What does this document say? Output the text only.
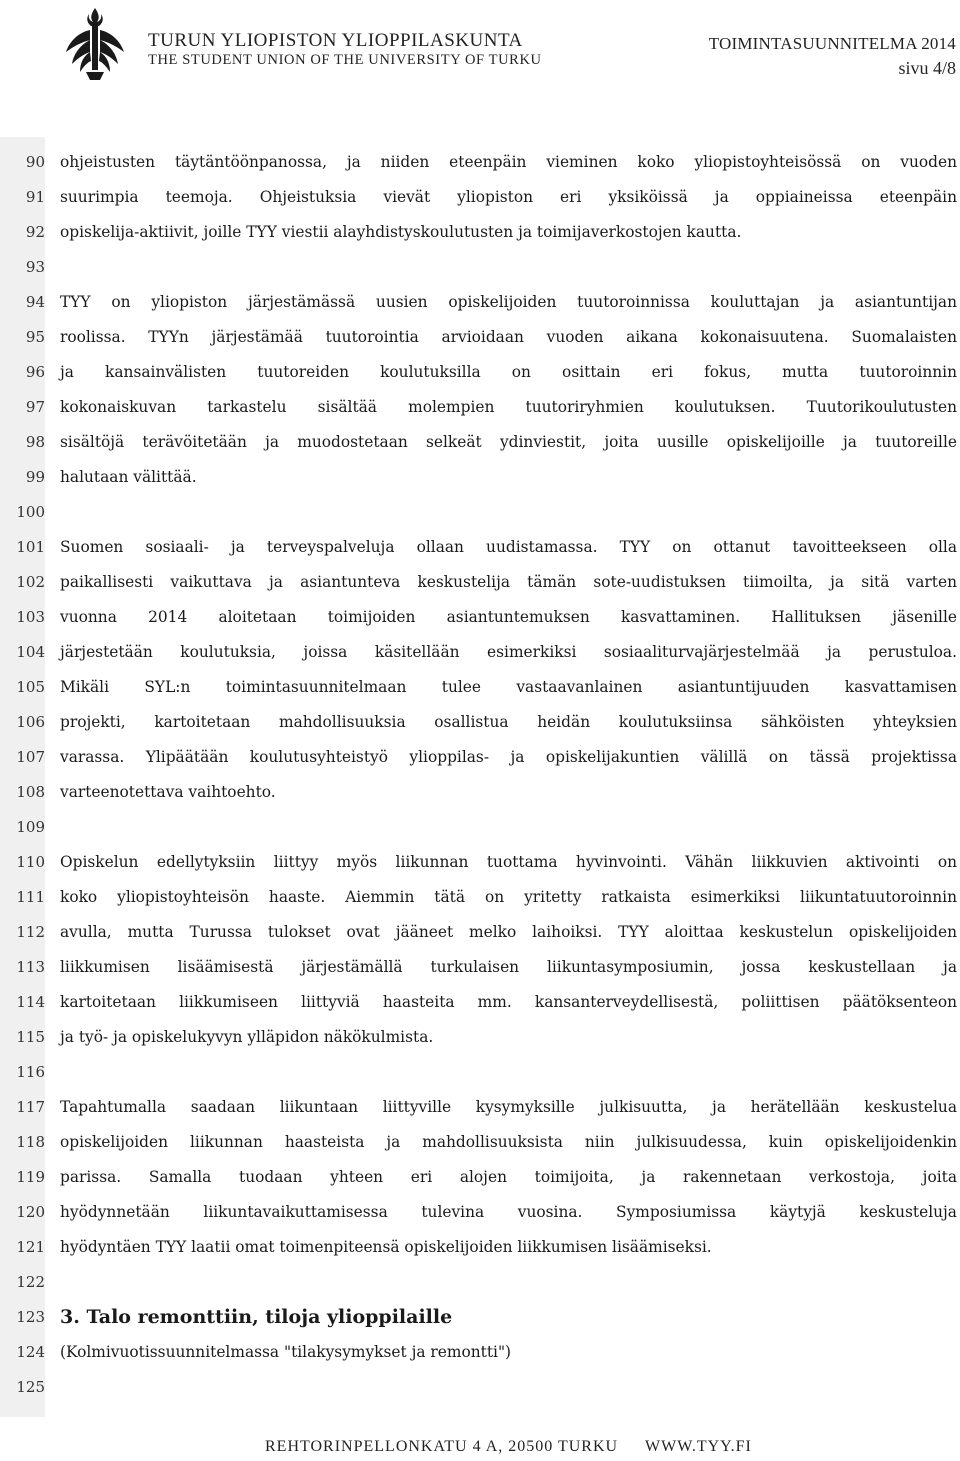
TURUN YLIOPISTON YLIOPPILASKUNTA
THE STUDENT UNION OF THE UNIVERSITY OF TURKU
TOIMINTASUUNNITELMA 2014
sivu 4/8
90
91
92
93
94
95
96
97
98
99
100
101
102
103
104
105
106
107
108
109
110
111
112
113
114
115
116
117
118
119
120
121
122
123
124
125
3. Talo remonttiin, tiloja ylioppilaille
ohjeistusten täytäntöönpanossa, ja niiden eteenpäin vieminen koko yliopistoyhteisössä on vuoden
suurimpia teemoja. Ohjeistuksia vievät yliopiston eri yksiköissä ja oppiaineissa eteenpäin
opiskelija-aktiivit, joille TYY viestii alayhdistyskoulutusten ja toimijaverkostojen kautta.
TYY on yliopiston järjestämässä uusien opiskelijoiden tuutoroinnissa kouluttajan ja asiantuntijan
roolissa. TYYn järjestämää tuutorointia arvioidaan vuoden aikana kokonaisuutena. Suomalaisten
ja kansainvälisten tuutoreiden koulutuksilla on osittain eri fokus, mutta tuutoroinnin
kokonaiskuvan tarkastelu sisältää molempien tuutoriryhmien koulutuksen. Tuutorikoulutusten
sisältöjä terävöitetään ja muodostetaan selkeät ydinviestit, joita uusille opiskelijoille ja tuutoreille
halutaan välittää.
Suomen sosiaali- ja terveyspalveluja ollaan uudistamassa. TYY on ottanut tavoitteekseen olla
paikallisesti vaikuttava ja asiantunteva keskustelija tämän sote-uudistuksen tiimoilta, ja sitä varten
vuonna 2014 aloitetaan toimijoiden asiantuntemuksen kasvattaminen. Hallituksen jäsenille
järjestetään koulutuksia, joissa käsitellään esimerkiksi sosiaaliturvajärjestelmää ja perustuloa.
Mikäli SYL:n toimintasuunnitelmaan tulee vastaavanlainen asiantuntijuuden kasvattamisen
projekti, kartoitetaan mahdollisuuksia osallistua heidän koulutuksiinsa sähköisten yhteyksien
varassa. Ylipäätään koulutusyhteistyö ylioppilas- ja opiskelijakuntien välillä on tässä projektissa
varteenotettava vaihtoehto.
Opiskelun edellytyksiin liittyy myös liikunnan tuottama hyvinvointi. Vähän liikkuvien aktivointi on
koko yliopistoyhteisön haaste. Aiemmin tätä on yritetty ratkaista esimerkiksi liikuntatuutoroinnin
avulla, mutta Turussa tulokset ovat jääneet melko laihoiksi. TYY aloittaa keskustelun opiskelijoiden
liikkumisen lisäämisestä järjestämällä turkulaisen liikuntasymposiumin, jossa keskustellaan ja
kartoitetaan liikkumiseen liittyviä haasteita mm. kansanterveydellisestä, poliittisen päätöksenteon
ja työ- ja opiskelukyvyn ylläpidon näkökulmista.
Tapahtumalla saadaan liikuntaan liittyville kysymyksille julkisuutta, ja herätellään keskustelua
opiskelijoiden liikunnan haasteista ja mahdollisuuksista niin julkisuudessa, kuin opiskelijoidenkin
parissa. Samalla tuodaan yhteen eri alojen toimijoita, ja rakennetaan verkostoja, joita
hyödynnetään liikuntavaikuttamisessa tulevina vuosina. Symposiumissa käytyjä keskusteluja
hyödyntäen TYY laatii omat toimenpiteensä opiskelijoiden liikkumisen lisäämiseksi.
(Kolmivuotissuunnitelmassa "tilakysymykset ja remontti")
REHTORINPELLONKATU 4 A, 20500 TURKU WWW.TYY.FI
